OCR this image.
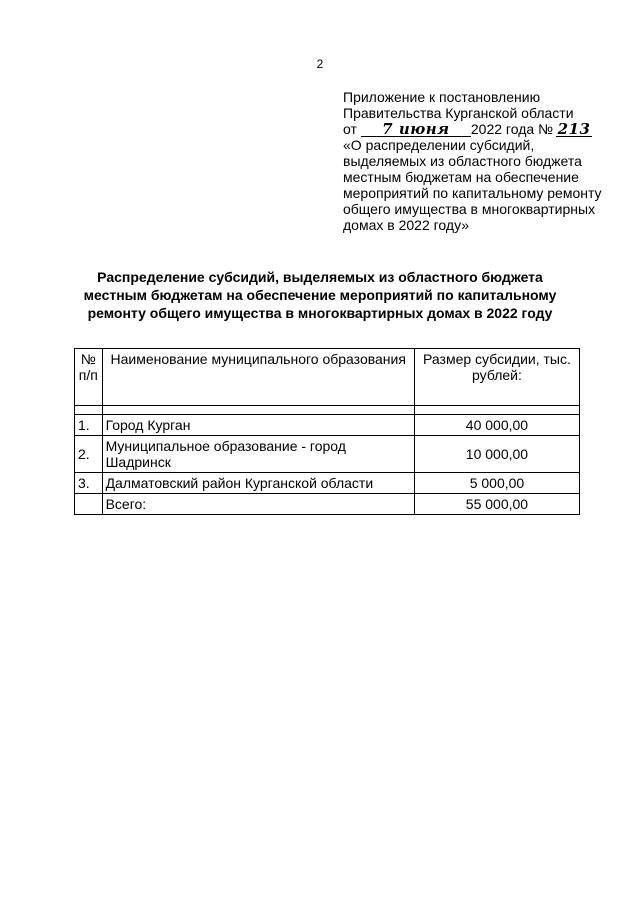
2
Приложение к постановлению
Правительства Курганской области
от 7 июня 2022 года № 213
«О распределении субсидий,
выделяемых из областного бюджета
местным бюджетам на обеспечение
мероприятий по капитальному ремонту
общего имущества в многоквартирных
домах в 2022 году»
Распределение субсидий, выделяемых из областного бюджета
местным бюджетам на обеспечение мероприятий по капитальному
ремонту общего имущества в многоквартирных домах в 2022 году
№ п/п	Наименование муниципального образования	Размер субсидии, тыс. рублей:

1.	Город Курган	40 000,00
2.	Муниципальное образование - город Шадринск	10 000,00
3.	Далматовский район Курганской области	5 000,00
	Всего:	55 000,00
